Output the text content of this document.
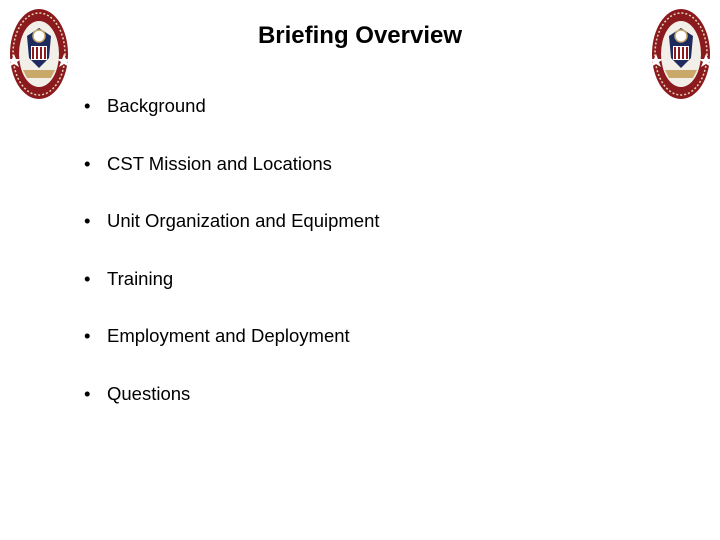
Briefing Overview
• Background
• CST Mission and Locations
• Unit Organization and Equipment
• Training
• Employment and Deployment
• Questions
